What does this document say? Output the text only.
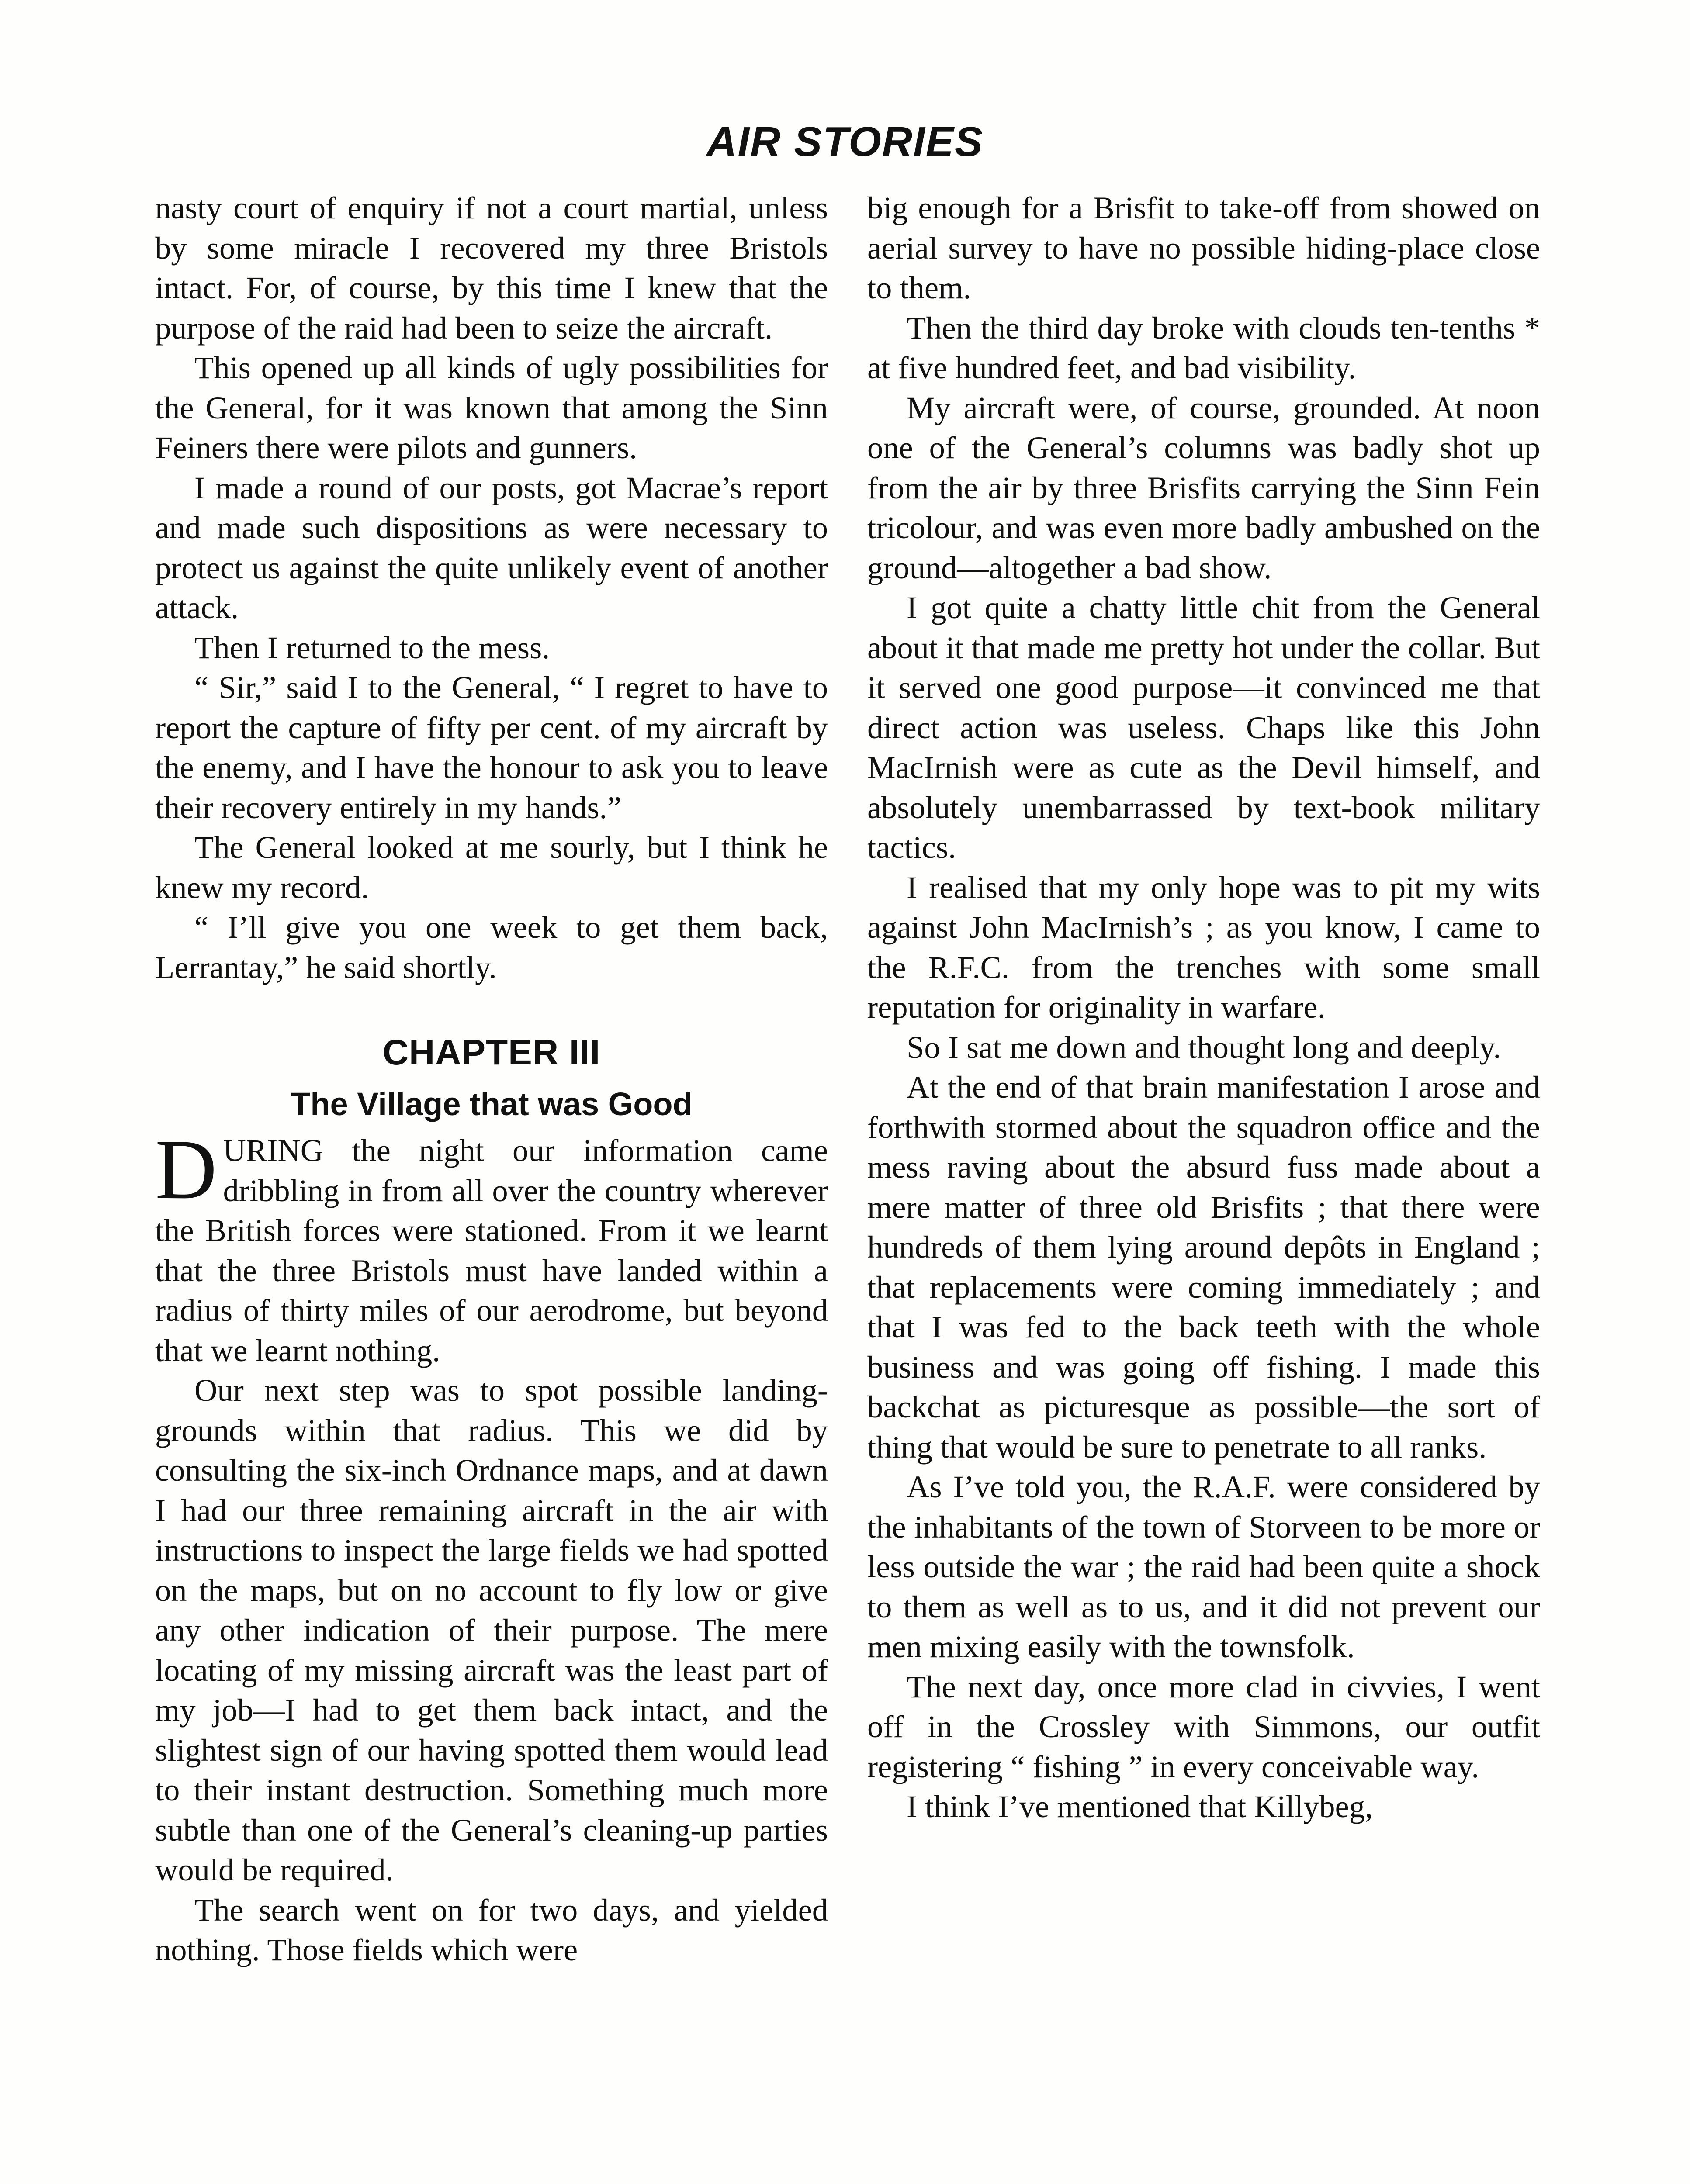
AIR STORIES

nasty court of enquiry if not a court martial, unless by some miracle I recovered my three Bristols intact. For, of course, by this time I knew that the purpose of the raid had been to seize the aircraft.

This opened up all kinds of ugly possibilities for the General, for it was known that among the Sinn Feiners there were pilots and gunners.

I made a round of our posts, got Macrae’s report and made such dispositions as were necessary to protect us against the quite unlikely event of another attack.

Then I returned to the mess.

“ Sir,” said I to the General, “ I regret to have to report the capture of fifty per cent. of my aircraft by the enemy, and I have the honour to ask you to leave their recovery entirely in my hands.”

The General looked at me sourly, but I think he knew my record.

“ I’ll give you one week to get them back, Lerrantay,” he said shortly.

CHAPTER III
The Village that was Good

DURING the night our information came dribbling in from all over the country wherever the British forces were stationed. From it we learnt that the three Bristols must have landed within a radius of thirty miles of our aerodrome, but beyond that we learnt nothing.

Our next step was to spot possible landing-grounds within that radius. This we did by consulting the six-inch Ordnance maps, and at dawn I had our three remaining aircraft in the air with instructions to inspect the large fields we had spotted on the maps, but on no account to fly low or give any other indication of their purpose. The mere locating of my missing aircraft was the least part of my job—I had to get them back intact, and the slightest sign of our having spotted them would lead to their instant destruction. Something much more subtle than one of the General’s cleaning-up parties would be required.

The search went on for two days, and yielded nothing. Those fields which were

big enough for a Brisfit to take-off from showed on aerial survey to have no possible hiding-place close to them.

Then the third day broke with clouds ten-tenths * at five hundred feet, and bad visibility.

My aircraft were, of course, grounded. At noon one of the General’s columns was badly shot up from the air by three Brisfits carrying the Sinn Fein tricolour, and was even more badly ambushed on the ground—altogether a bad show.

I got quite a chatty little chit from the General about it that made me pretty hot under the collar. But it served one good purpose—it convinced me that direct action was useless. Chaps like this John MacIrnish were as cute as the Devil himself, and absolutely unembarrassed by text-book military tactics.

I realised that my only hope was to pit my wits against John MacIrnish’s ; as you know, I came to the R.F.C. from the trenches with some small reputation for originality in warfare.

So I sat me down and thought long and deeply.

At the end of that brain manifestation I arose and forthwith stormed about the squadron office and the mess raving about the absurd fuss made about a mere matter of three old Brisfits ; that there were hundreds of them lying around depôts in England ; that replacements were coming immediately ; and that I was fed to the back teeth with the whole business and was going off fishing. I made this backchat as picturesque as possible—the sort of thing that would be sure to penetrate to all ranks.

As I’ve told you, the R.A.F. were considered by the inhabitants of the town of Storveen to be more or less outside the war ; the raid had been quite a shock to them as well as to us, and it did not prevent our men mixing easily with the townsfolk.

The next day, once more clad in civvies, I went off in the Crossley with Simmons, our outfit registering “ fishing ” in every conceivable way.

I think I’ve mentioned that Killybeg,
